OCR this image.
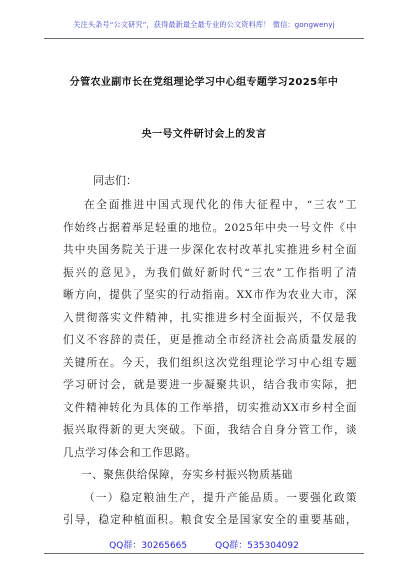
关注头条号“公文研究”，获得最新最全最专业的公文资料库！ 微信：gongwenyj
分管农业副市长在党组理论学习中心组专题学习2025年中
央一号文件研讨会上的发言
同志们：
在全面推进中国式现代化的伟大征程中，“三农”工
作始终占据着举足轻重的地位。2025年中央一号文件《中
共中央国务院关于进一步深化农村改革扎实推进乡村全面
振兴的意见》，为我们做好新时代“三农”工作指明了清
晰方向，提供了坚实的行动指南。XX市作为农业大市，深
入贯彻落实文件精神，扎实推进乡村全面振兴，不仅是我
们义不容辞的责任，更是推动全市经济社会高质量发展的
关键所在。今天，我们组织这次党组理论学习中心组专题
学习研讨会，就是要进一步凝聚共识，结合我市实际，把
文件精神转化为具体的工作举措，切实推动XX市乡村全面
振兴取得新的更大突破。下面，我结合自身分管工作，谈
几点学习体会和工作思路。
一、聚焦供给保障，夯实乡村振兴物质基础
（一）稳定粮油生产，提升产能品质。一要强化政策
引导，稳定种植面积。粮食安全是国家安全的重要基础，
QQ群：30265665	QQ群：535304092
